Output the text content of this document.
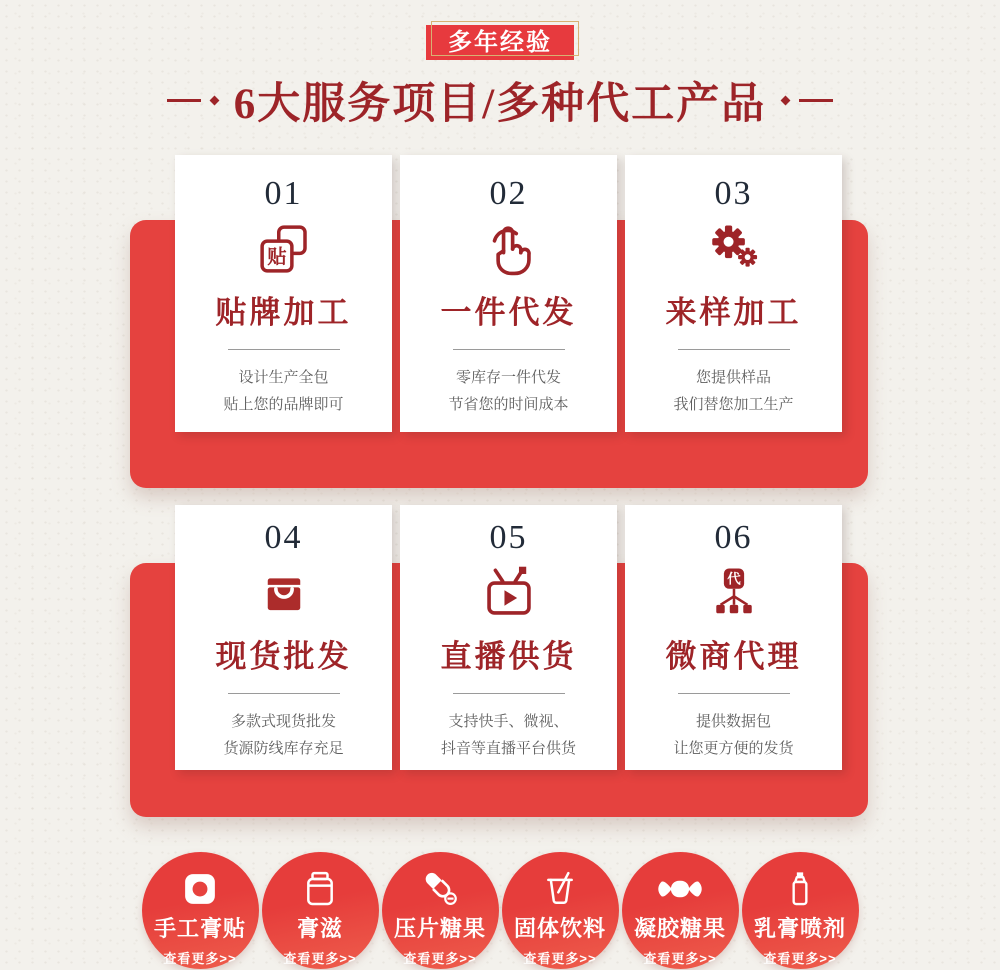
多年经验
6大服务项目/多种代工产品
01
贴
贴牌加工
设计生产全包
贴上您的品牌即可
02
一件代发
零库存一件代发
节省您的时间成本
03
来样加工
您提供样品
我们替您加工生产
04
现货批发
多款式现货批发
货源防线库存充足
05
直播供货
支持快手、微视、
抖音等直播平台供货
06
代
微商代理
提供数据包
让您更方便的发货
手工膏贴
查看更多>>
膏滋
查看更多>>
压片糖果
查看更多>>
固体饮料
查看更多>>
凝胶糖果
查看更多>>
乳膏喷剂
查看更多>>
